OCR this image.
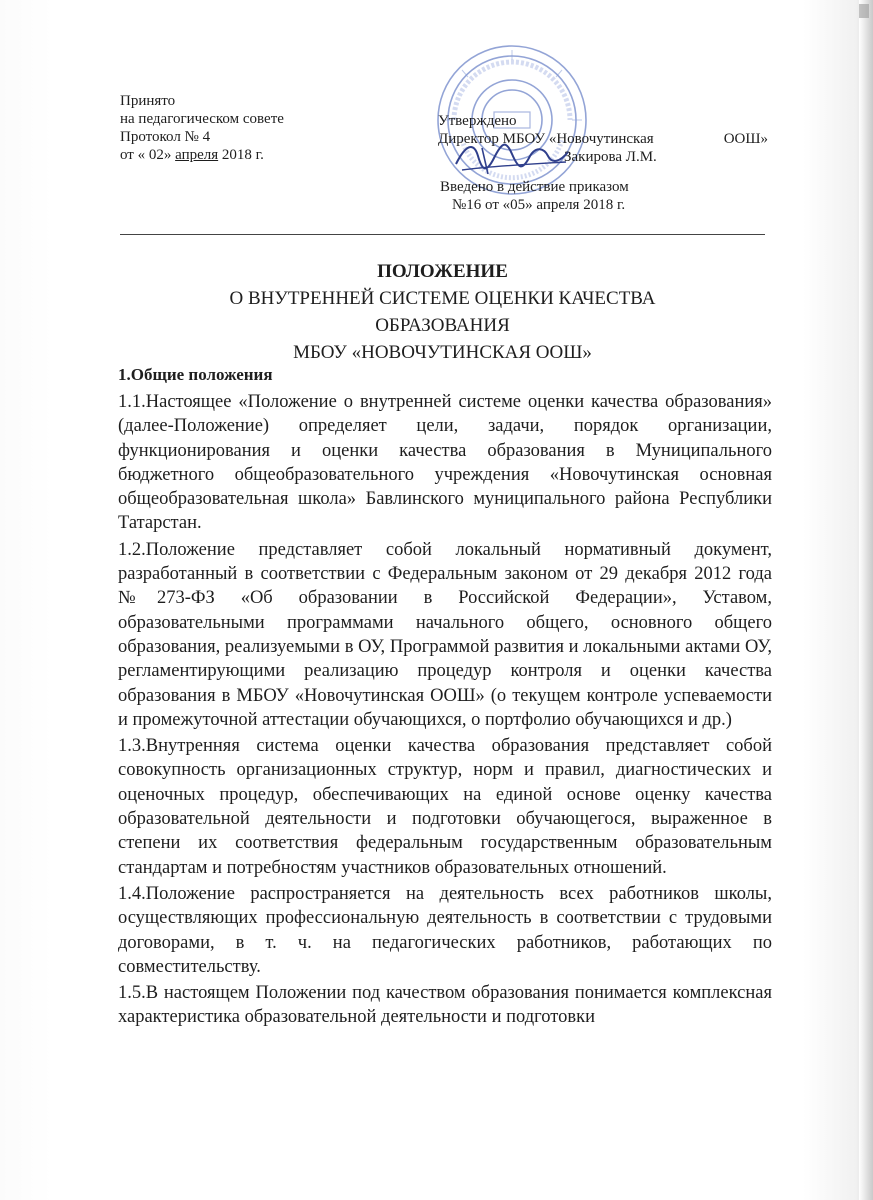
Принято
на педагогическом совете
Протокол № 4
от « 02» апреля 2018 г.
Утверждено
Директор МБОУ «Новочутинская	ООШ»
Закирова Л.М.
Введено в действие приказом
№16 от «05» апреля 2018 г.
ПОЛОЖЕНИЕ
О ВНУТРЕННЕЙ СИСТЕМЕ ОЦЕНКИ КАЧЕСТВА
ОБРАЗОВАНИЯ
МБОУ «НОВОЧУТИНСКАЯ ООШ»
1.Общие положения

1.1.Настоящее «Положение о внутренней системе оценки качества образования» (далее-Положение) определяет цели, задачи, порядок организации, функционирования и оценки качества образования в Муниципального бюджетного общеобразовательного учреждения «Новочутинская основная общеобразовательная школа» Бавлинского муниципального района Республики Татарстан.

1.2.Положение представляет собой локальный нормативный документ, разработанный в соответствии с Федеральным законом от 29 декабря 2012 года №273-ФЗ «Об образовании в Российской Федерации», Уставом, образовательными программами начального общего, основного общего образования, реализуемыми в ОУ, Программой развития и локальными актами ОУ, регламентирующими реализацию процедур контроля и оценки качества образования в МБОУ «Новочутинская ООШ» (о текущем контроле успеваемости и промежуточной аттестации обучающихся, о портфолио обучающихся и др.)

1.3.Внутренняя система оценки качества образования представляет собой совокупность организационных структур, норм и правил, диагностических и оценочных процедур, обеспечивающих на единой основе оценку качества образовательной деятельности и подготовки обучающегося, выраженное в степени их соответствия федеральным государственным образовательным стандартам и потребностям участников образовательных отношений.

1.4.Положение распространяется на деятельность всех работников школы, осуществляющих профессиональную деятельность в соответствии с трудовыми договорами, в т. ч. на педагогических работников, работающих по совместительству.

1.5.В настоящем Положении под качеством образования понимается комплексная характеристика образовательной деятельности и подготовки
